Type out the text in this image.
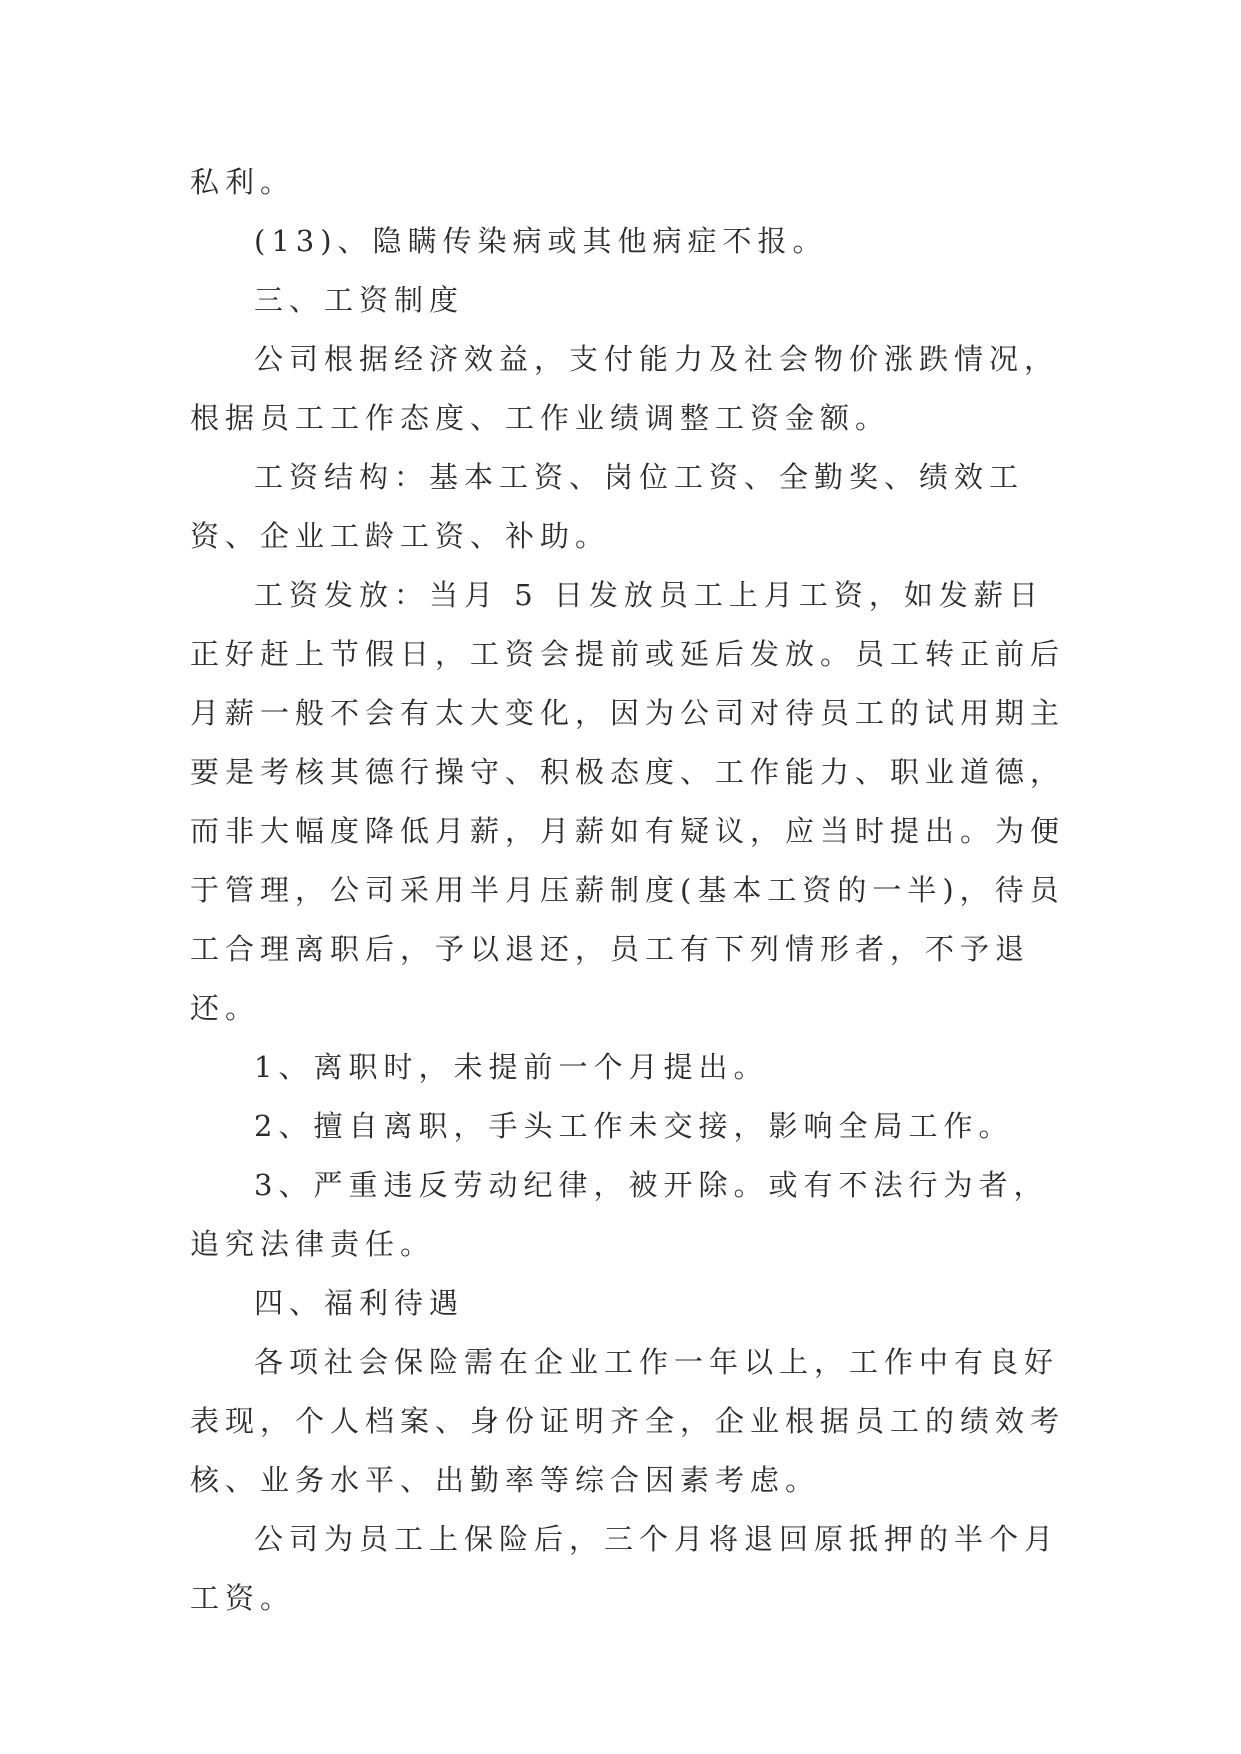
私利。

(13)、隐瞒传染病或其他病症不报。

三、工资制度

公司根据经济效益，支付能力及社会物价涨跌情况，根据员工工作态度、工作业绩调整工资金额。

工资结构：基本工资、岗位工资、全勤奖、绩效工资、企业工龄工资、补助。

工资发放：当月 5 日发放员工上月工资，如发薪日正好赶上节假日，工资会提前或延后发放。员工转正前后月薪一般不会有太大变化，因为公司对待员工的试用期主要是考核其德行操守、积极态度、工作能力、职业道德，而非大幅度降低月薪，月薪如有疑议，应当时提出。为便于管理，公司采用半月压薪制度(基本工资的一半)，待员工合理离职后，予以退还，员工有下列情形者，不予退还。

1、离职时，未提前一个月提出。

2、擅自离职，手头工作未交接，影响全局工作。

3、严重违反劳动纪律，被开除。或有不法行为者，追究法律责任。

四、福利待遇

各项社会保险需在企业工作一年以上，工作中有良好表现，个人档案、身份证明齐全，企业根据员工的绩效考核、业务水平、出勤率等综合因素考虑。

公司为员工上保险后，三个月将退回原抵押的半个月工资。
